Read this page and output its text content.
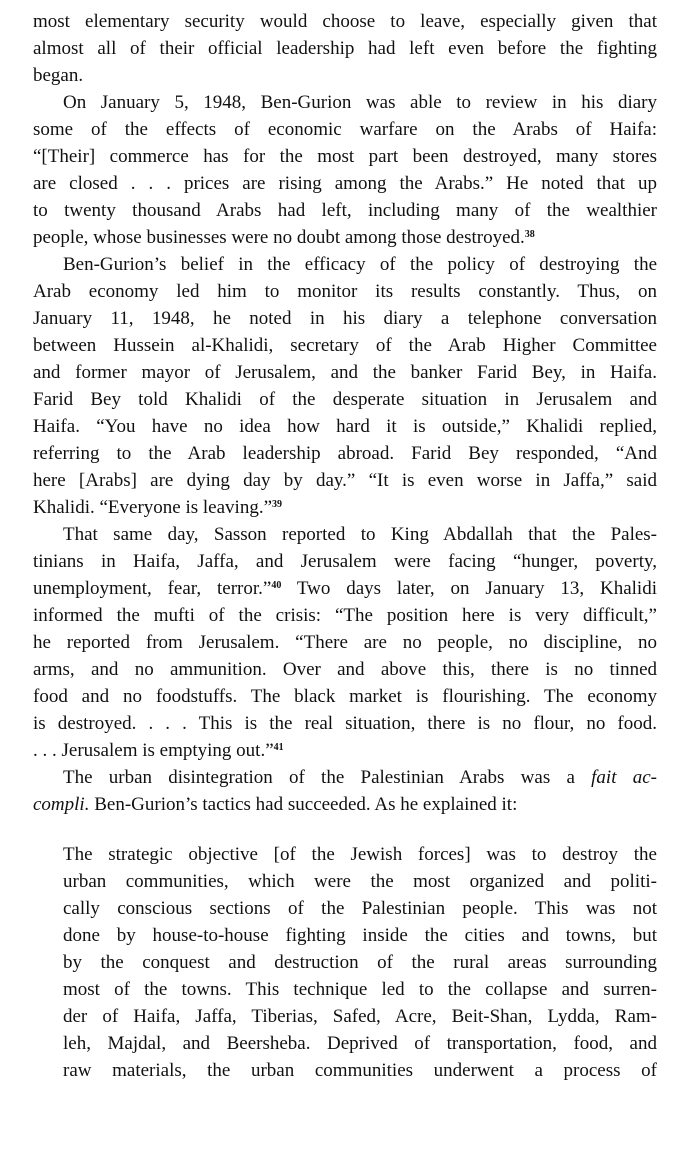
most elementary security would choose to leave, especially given that
almost all of their official leadership had left even before the fighting
began.
On January 5, 1948, Ben-Gurion was able to review in his diary
some of the effects of economic warfare on the Arabs of Haifa:
“[Their] commerce has for the most part been destroyed, many stores
are closed . . . prices are rising among the Arabs.” He noted that up
to twenty thousand Arabs had left, including many of the wealthier
people, whose businesses were no doubt among those destroyed.$^{38}$
Ben-Gurion’s belief in the efficacy of the policy of destroying the
Arab economy led him to monitor its results constantly. Thus, on
January 11, 1948, he noted in his diary a telephone conversation
between Hussein al-Khalidi, secretary of the Arab Higher Committee
and former mayor of Jerusalem, and the banker Farid Bey, in Haifa.
Farid Bey told Khalidi of the desperate situation in Jerusalem and
Haifa. “You have no idea how hard it is outside,” Khalidi replied,
referring to the Arab leadership abroad. Farid Bey responded, “And
here [Arabs] are dying day by day.” “It is even worse in Jaffa,” said
Khalidi. “Everyone is leaving.”$^{39}$
That same day, Sasson reported to King Abdallah that the Pales-
tinians in Haifa, Jaffa, and Jerusalem were facing “hunger, poverty,
unemployment, fear, terror.”$^{40}$ Two days later, on January 13, Khalidi
informed the mufti of the crisis: “The position here is very difficult,”
he reported from Jerusalem. “There are no people, no discipline, no
arms, and no ammunition. Over and above this, there is no tinned
food and no foodstuffs. The black market is flourishing. The economy
is destroyed. . . . This is the real situation, there is no flour, no food.
. . . Jerusalem is emptying out.”$^{41}$
The urban disintegration of the Palestinian Arabs was a fait ac-
compli. Ben-Gurion’s tactics had succeeded. As he explained it:
The strategic objective [of the Jewish forces] was to destroy the
urban communities, which were the most organized and politi-
cally conscious sections of the Palestinian people. This was not
done by house-to-house fighting inside the cities and towns, but
by the conquest and destruction of the rural areas surrounding
most of the towns. This technique led to the collapse and surren-
der of Haifa, Jaffa, Tiberias, Safed, Acre, Beit-Shan, Lydda, Ram-
leh, Majdal, and Beersheba. Deprived of transportation, food, and
raw materials, the urban communities underwent a process of
